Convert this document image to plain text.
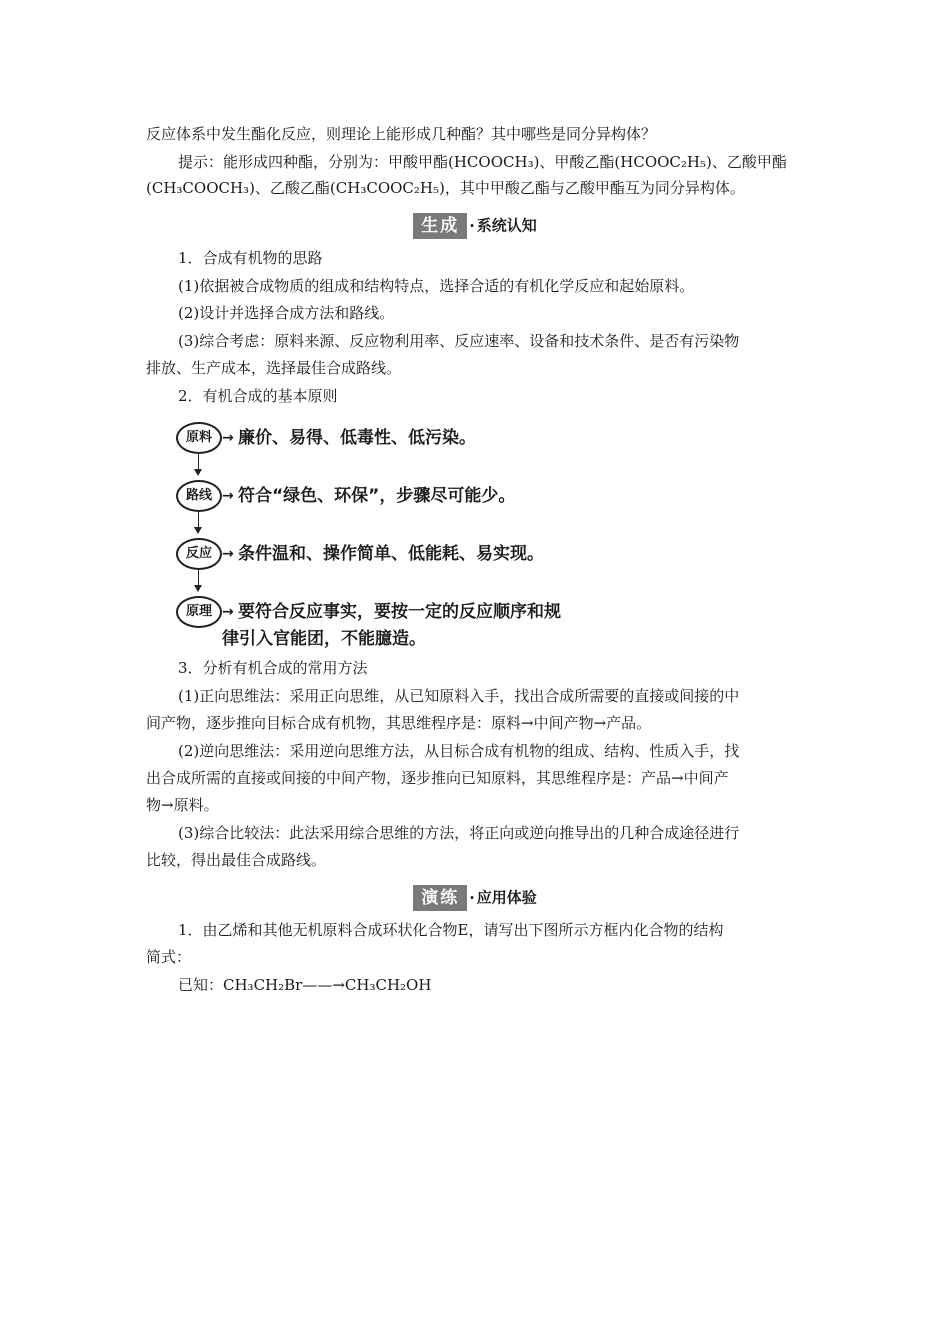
反应体系中发生酯化反应，则理论上能形成几种酯？其中哪些是同分异构体？
提示：能形成四种酯，分别为：甲酸甲酯(HCOOCH₃)、甲酸乙酯(HCOOC₂H₅)、乙酸甲酯
(CH₃COOCH₃)、乙酸乙酯(CH₃COOC₂H₅)，其中甲酸乙酯与乙酸甲酯互为同分异构体。
生成 · 系统认知
1．合成有机物的思路
(1)依据被合成物质的组成和结构特点，选择合适的有机化学反应和起始原料。
(2)设计并选择合成方法和路线。
(3)综合考虑：原料来源、反应物利用率、反应速率、设备和技术条件、是否有污染物
排放、生产成本，选择最佳合成路线。
2．有机合成的基本原则
原料 → 廉价、易得、低毒性、低污染。
路线 → 符合“绿色、环保”，步骤尽可能少。
反应 → 条件温和、操作简单、低能耗、易实现。
原理 → 要符合反应事实，要按一定的反应顺序和规
律引入官能团，不能臆造。
3．分析有机合成的常用方法
(1)正向思维法：采用正向思维，从已知原料入手，找出合成所需要的直接或间接的中
间产物，逐步推向目标合成有机物，其思维程序是：原料→中间产物→产品。
(2)逆向思维法：采用逆向思维方法，从目标合成有机物的组成、结构、性质入手，找
出合成所需的直接或间接的中间产物，逐步推向已知原料，其思维程序是：产品→中间产
物→原料。
(3)综合比较法：此法采用综合思维的方法，将正向或逆向推导出的几种合成途径进行
比较，得出最佳合成路线。
演练 · 应用体验
1．由乙烯和其他无机原料合成环状化合物E，请写出下图所示方框内化合物的结构
简式：
已知：CH₃CH₂Br——→CH₃CH₂OH
